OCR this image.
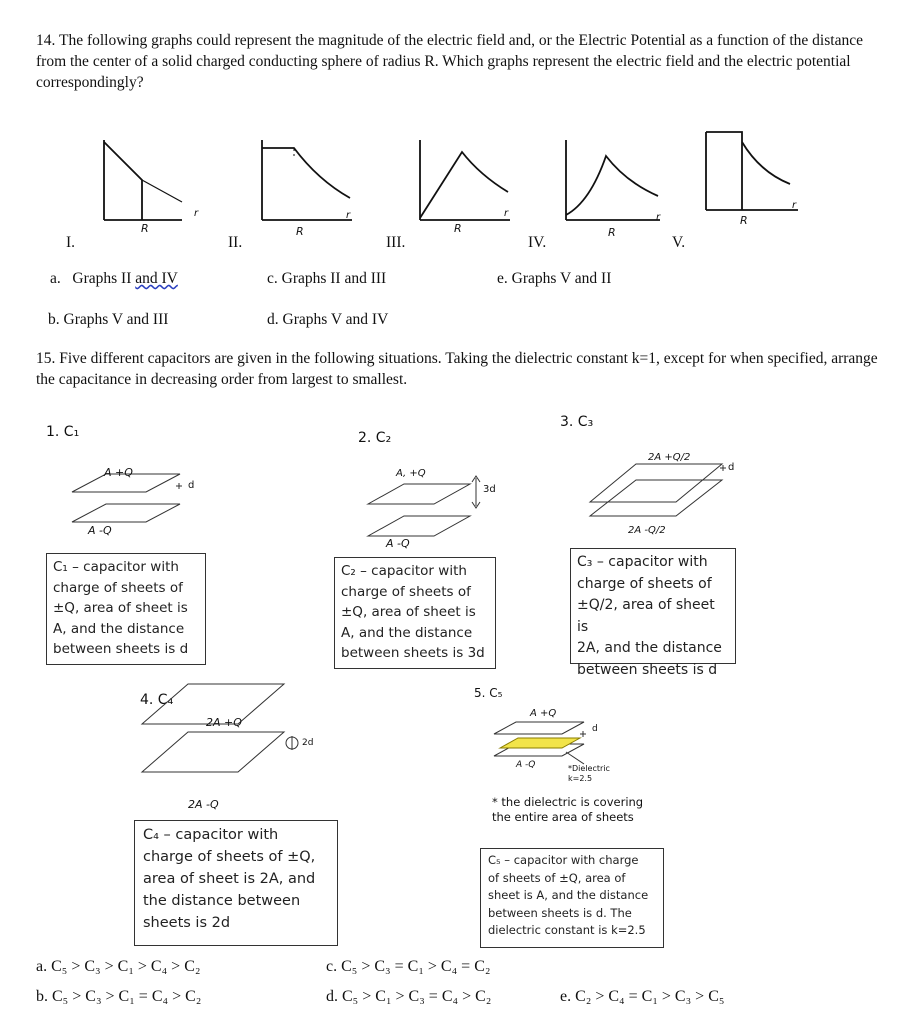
14. The following graphs could represent the magnitude of the electric field and, or the Electric Potential as a function of the distance from the center of a solid charged conducting sphere of radius R. Which graphs represent the electric field and the electric potential correspondingly?
R
r
R
r
R
r
R
r	R
r
I.	II.	III.	IV.	V.
a. Graphs II and IV	c. Graphs II and III	e. Graphs V and II
b. Graphs V and III	d. Graphs V and IV
15. Five different capacitors are given in the following situations. Taking the dielectric constant k=1, except for when specified, arrange the capacitance in decreasing order from largest to smallest.
1. C₁	2. C₂
3. C₃
4. C₄	5. C₅
A +Q
A -Q
d
A, +Q
A -Q
3d
2A +Q/2
2A -Q/2
d
2A +Q
2A -Q
2d
A +Q
A -Q
d
*Dielectric
k=2.5

C₁ – capacitor with

charge of sheets of

±Q, area of sheet is

A, and the distance

between sheets is d

C₂ – capacitor with

charge of sheets of

±Q, area of sheet is

A, and the distance

between sheets is 3d

C₃ – capacitor with

charge of sheets of

±Q/2, area of sheet is

2A, and the distance

between sheets is d

C₄ – capacitor with

charge of sheets of ±Q,

area of sheet is 2A, and

the distance between

sheets is 2d

* the dielectric is covering
the entire area of sheets

C₅ – capacitor with charge

of sheets of ±Q, area of

sheet is A, and the distance

between sheets is d. The

dielectric constant is k=2.5

a. C₅ > C₃ > C₁ > C₄ > C₂
b. C₅ > C₃ > C₁ = C₄ > C₂
c. C₅ > C₃ = C₁ > C₄ = C₂
d. C₅ > C₁ > C₃ = C₄ > C₂	e. C₂ > C₄ = C₁ > C₃ > C₅
